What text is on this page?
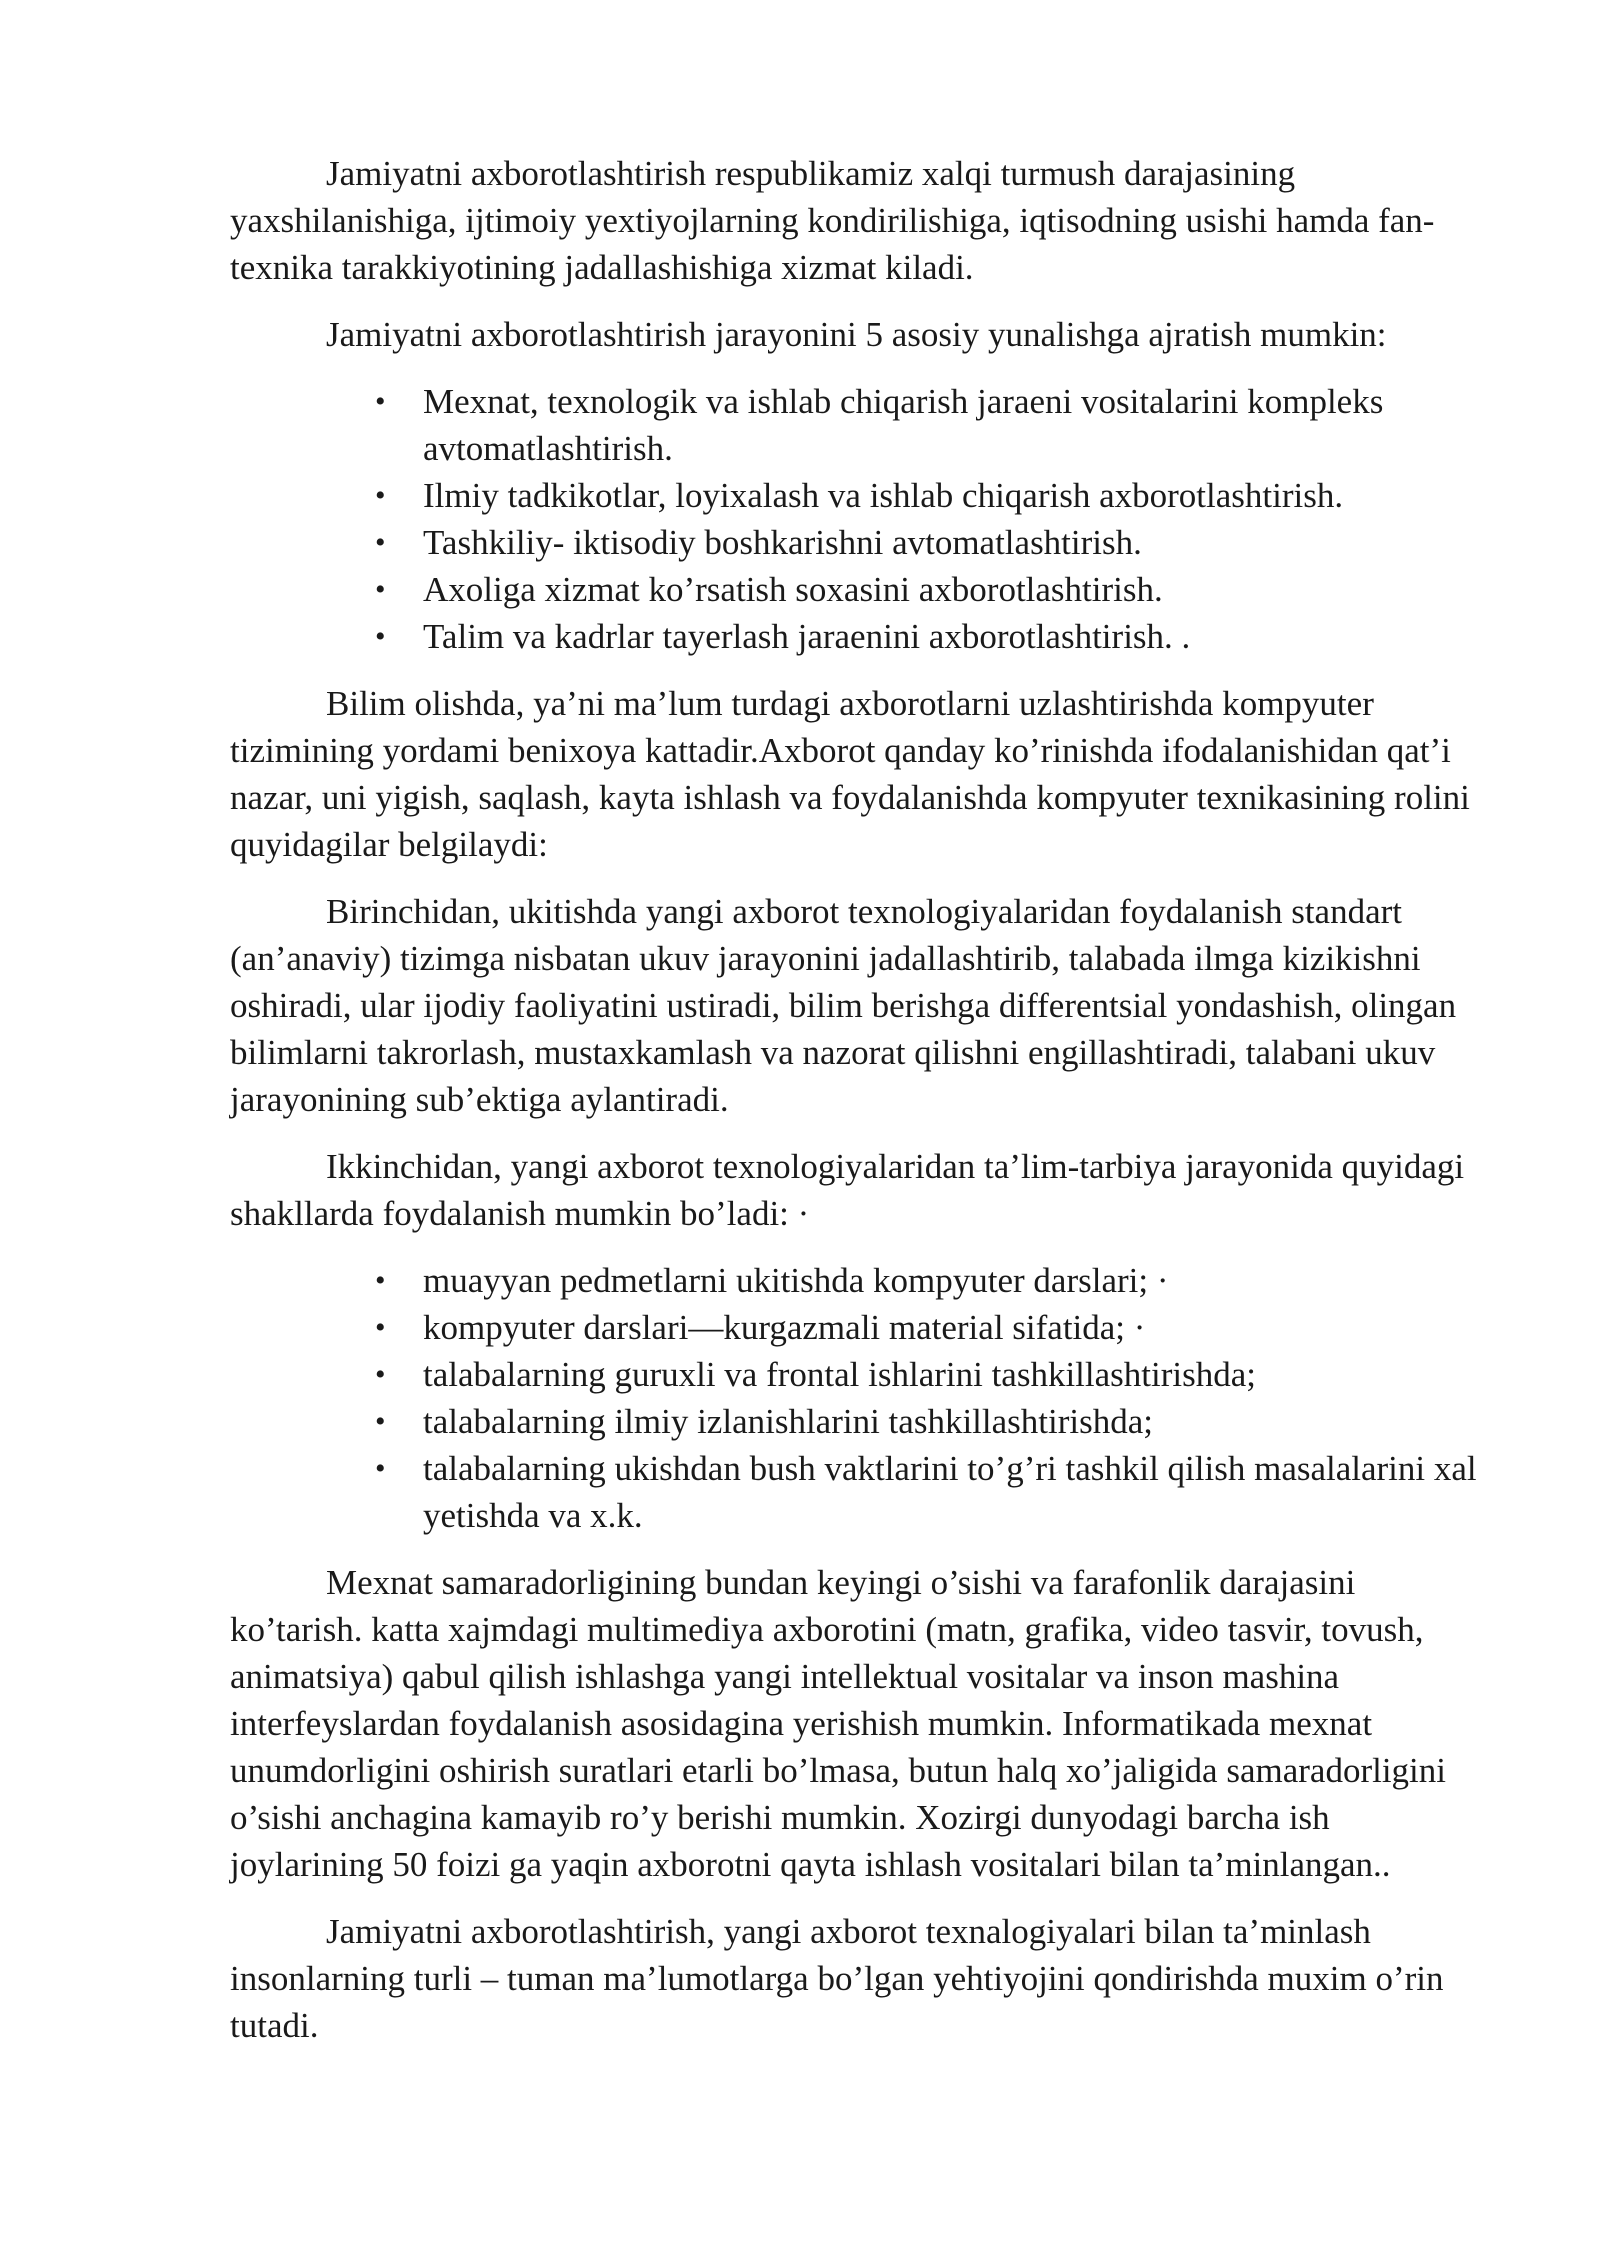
Jamiyatni axborotlashtirish respublikamiz xalqi turmush darajasining yaxshilanishiga, ijtimoiy yextiyojlarning kondirilishiga, iqtisodning usishi hamda fan-texnika tarakkiyotining jadallashishiga xizmat kiladi.

Jamiyatni axborotlashtirish jarayonini 5 asosiy yunalishga ajratish mumkin:

• Mexnat, texnologik va ishlab chiqarish jaraeni vositalarini kompleks avtomatlashtirish.
• Ilmiy tadkikotlar, loyixalash va ishlab chiqarish axborotlashtirish.
• Tashkiliy- iktisodiy boshkarishni avtomatlashtirish.
• Axoliga xizmat ko’rsatish soxasini axborotlashtirish.
• Talim va kadrlar tayerlash jaraenini axborotlashtirish. .

Bilim olishda, ya’ni ma’lum turdagi axborotlarni uzlashtirishda kompyuter tizimining yordami benixoya kattadir.Axborot qanday ko’rinishda ifodalanishidan qat’i nazar, uni yigish, saqlash, kayta ishlash va foydalanishda kompyuter texnikasining rolini quyidagilar belgilaydi:

Birinchidan, ukitishda yangi axborot texnologiyalaridan foydalanish standart (an’anaviy) tizimga nisbatan ukuv jarayonini jadallashtirib, talabada ilmga kizikishni oshiradi, ular ijodiy faoliyatini ustiradi, bilim berishga differentsial yondashish, olingan bilimlarni takrorlash, mustaxkamlash va nazorat qilishni engillashtiradi, talabani ukuv jarayonining sub’ektiga aylantiradi.

Ikkinchidan, yangi axborot texnologiyalaridan ta’lim-tarbiya jarayonida quyidagi shakllarda foydalanish mumkin bo’ladi: ·

• muayyan pedmetlarni ukitishda kompyuter darslari; ·
• kompyuter darslari—kurgazmali material sifatida; ·
• talabalarning guruxli va frontal ishlarini tashkillashtirishda;
• talabalarning ilmiy izlanishlarini tashkillashtirishda;
• talabalarning ukishdan bush vaktlarini to’g’ri tashkil qilish masalalarini xal yetishda va x.k.

Mexnat samaradorligining bundan keyingi o’sishi va farafonlik darajasini ko’tarish. katta xajmdagi multimediya axborotini (matn, grafika, video tasvir, tovush, animatsiya) qabul qilish ishlashga yangi intellektual vositalar va inson mashina interfeyslardan foydalanish asosidagina yerishish mumkin. Informatikada mexnat unumdorligini oshirish suratlari etarli bo’lmasa, butun halq xo’jaligida samaradorligini o’sishi anchagina kamayib ro’y berishi mumkin. Xozirgi dunyodagi barcha ish joylarining 50 foizi ga yaqin axborotni qayta ishlash vositalari bilan ta’minlangan..

Jamiyatni axborotlashtirish, yangi axborot texnalogiyalari bilan ta’minlash insonlarning turli – tuman ma’lumotlarga bo’lgan yehtiyojini qondirishda muxim o’rin tutadi.
